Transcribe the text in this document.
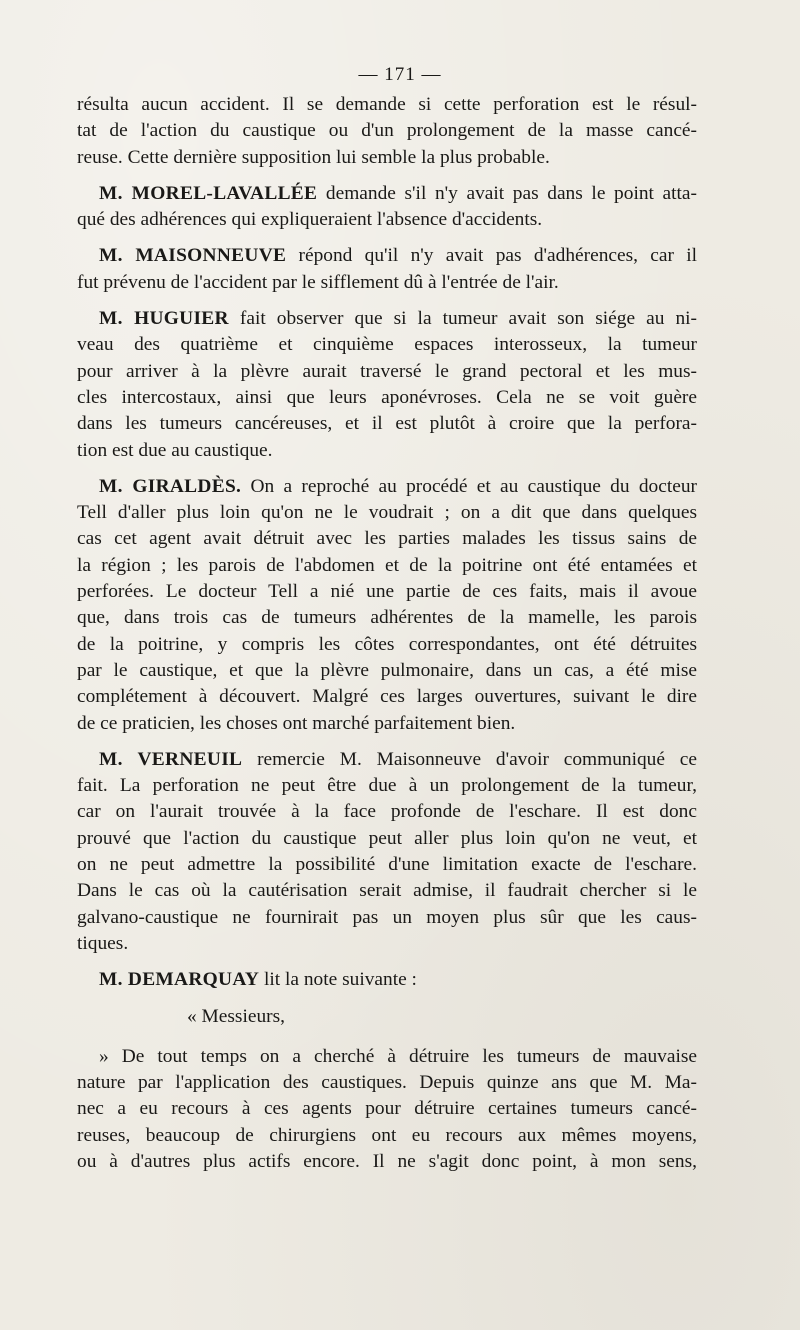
— 171 —
résulta aucun accident. Il se demande si cette perforation est le résul-
tat de l'action du caustique ou d'un prolongement de la masse cancé-
reuse. Cette dernière supposition lui semble la plus probable.
M. MOREL-LAVALLÉE demande s'il n'y avait pas dans le point atta-
qué des adhérences qui expliqueraient l'absence d'accidents.
M. MAISONNEUVE répond qu'il n'y avait pas d'adhérences, car il
fut prévenu de l'accident par le sifflement dû à l'entrée de l'air.
M. HUGUIER fait observer que si la tumeur avait son siége au ni-
veau des quatrième et cinquième espaces interosseux, la tumeur
pour arriver à la plèvre aurait traversé le grand pectoral et les mus-
cles intercostaux, ainsi que leurs aponévroses. Cela ne se voit guère
dans les tumeurs cancéreuses, et il est plutôt à croire que la perfora-
tion est due au caustique.
M. GIRALDÈS. On a reproché au procédé et au caustique du docteur
Tell d'aller plus loin qu'on ne le voudrait ; on a dit que dans quelques
cas cet agent avait détruit avec les parties malades les tissus sains de
la région ; les parois de l'abdomen et de la poitrine ont été entamées et
perforées. Le docteur Tell a nié une partie de ces faits, mais il avoue
que, dans trois cas de tumeurs adhérentes de la mamelle, les parois
de la poitrine, y compris les côtes correspondantes, ont été détruites
par le caustique, et que la plèvre pulmonaire, dans un cas, a été mise
complétement à découvert. Malgré ces larges ouvertures, suivant le dire
de ce praticien, les choses ont marché parfaitement bien.
M. VERNEUIL remercie M. Maisonneuve d'avoir communiqué ce
fait. La perforation ne peut être due à un prolongement de la tumeur,
car on l'aurait trouvée à la face profonde de l'eschare. Il est donc
prouvé que l'action du caustique peut aller plus loin qu'on ne veut, et
on ne peut admettre la possibilité d'une limitation exacte de l'eschare.
Dans le cas où la cautérisation serait admise, il faudrait chercher si le
galvano-caustique ne fournirait pas un moyen plus sûr que les caus-
tiques.
M. DEMARQUAY lit la note suivante :
« Messieurs,
» De tout temps on a cherché à détruire les tumeurs de mauvaise
nature par l'application des caustiques. Depuis quinze ans que M. Ma-
nec a eu recours à ces agents pour détruire certaines tumeurs cancé-
reuses, beaucoup de chirurgiens ont eu recours aux mêmes moyens,
ou à d'autres plus actifs encore. Il ne s'agit donc point, à mon sens,
